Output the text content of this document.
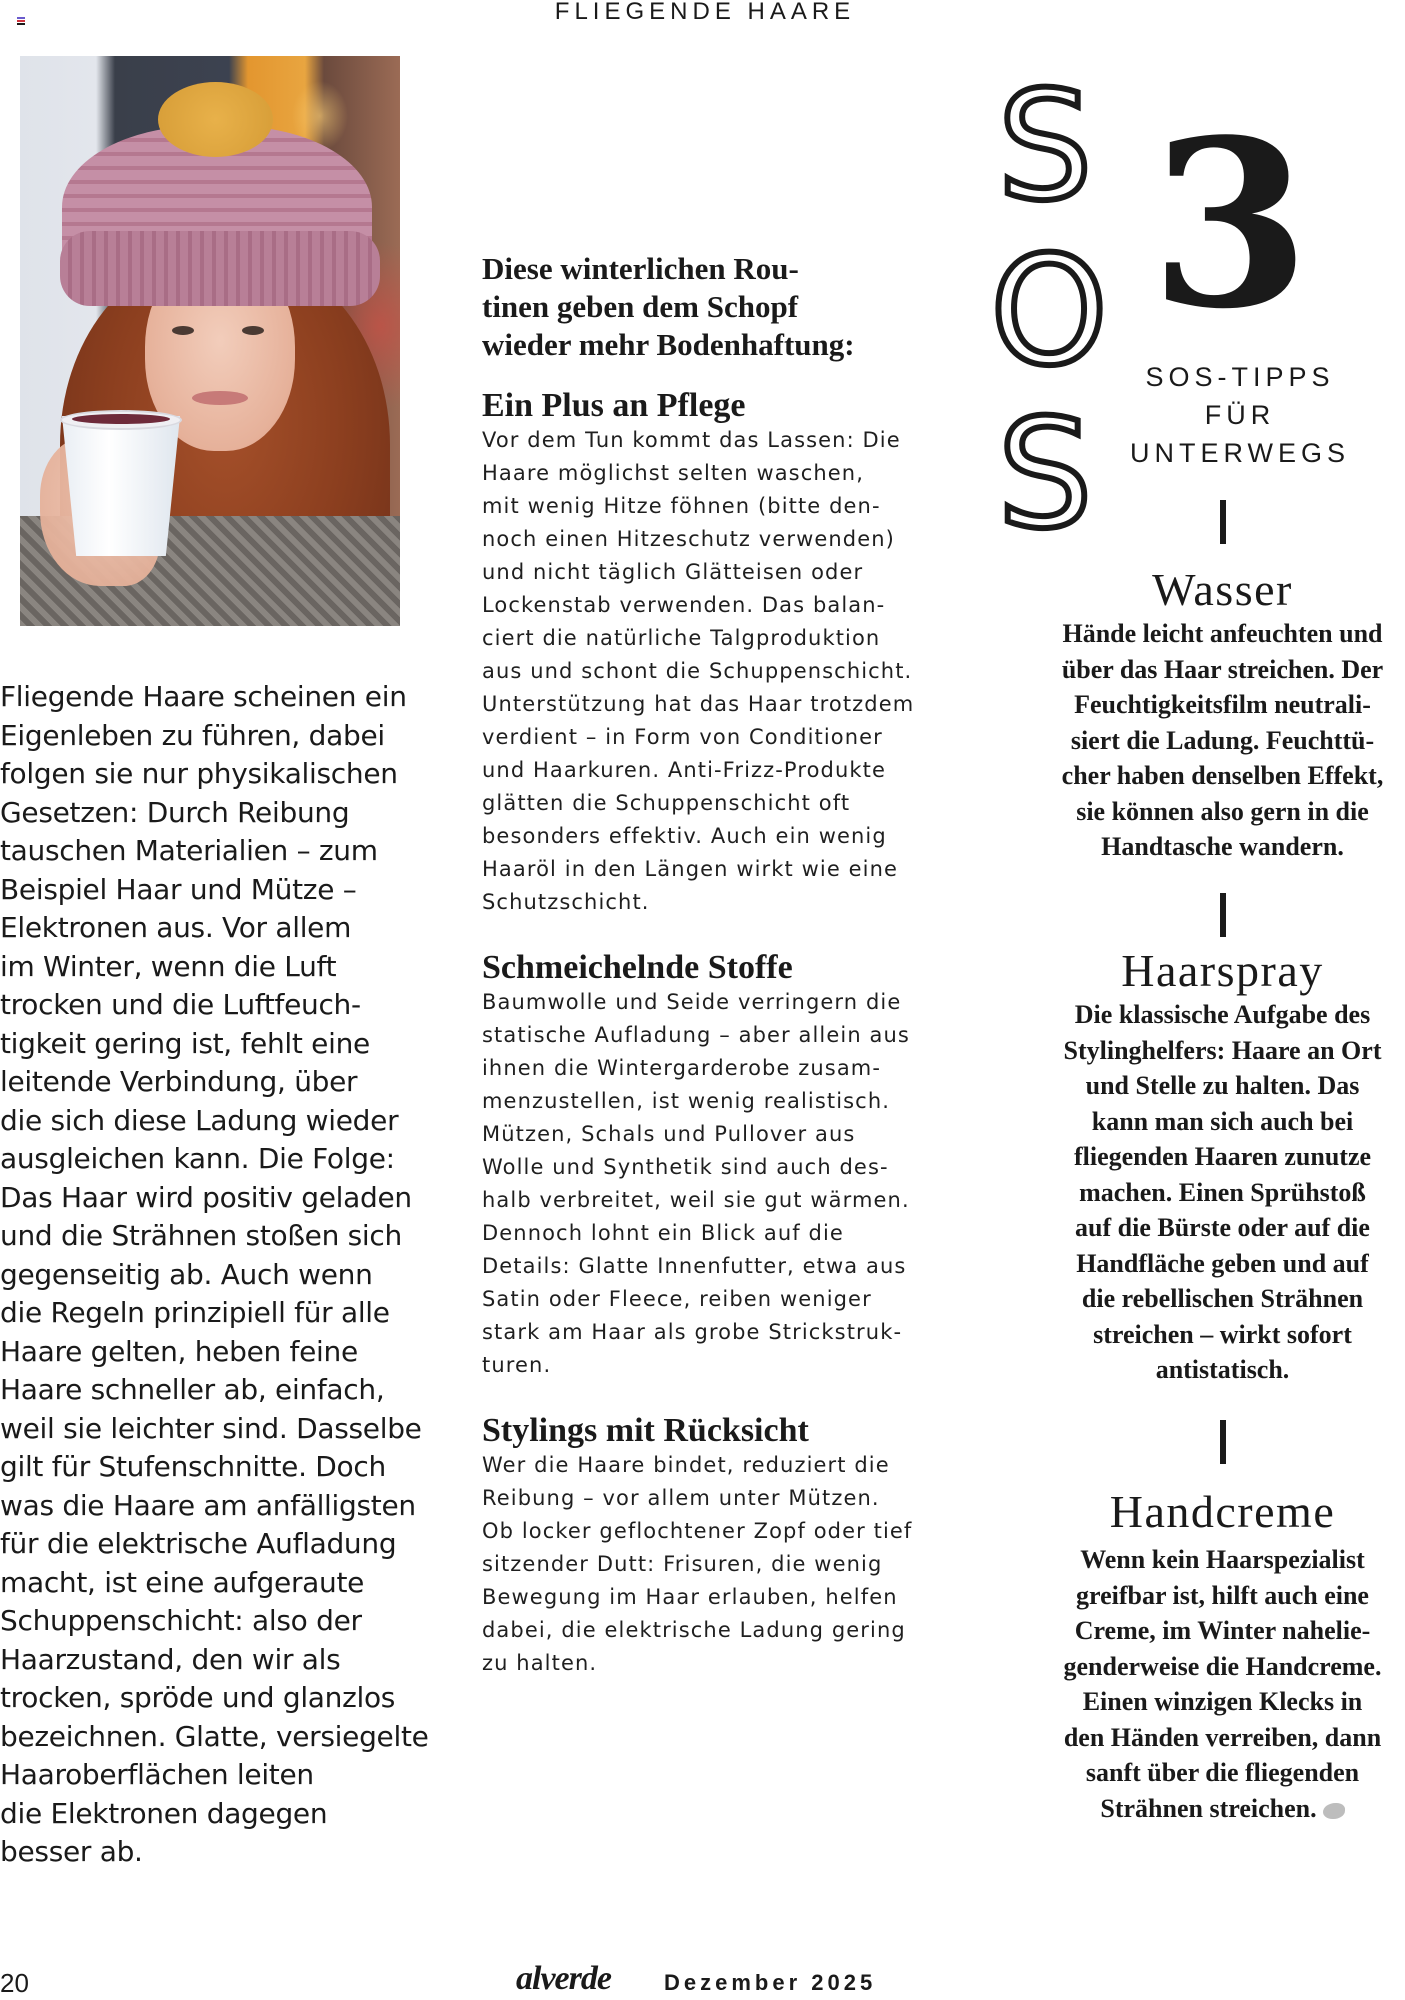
FLIEGENDE HAARE
Fliegende Haare scheinen ein
Eigenleben zu führen, dabei
folgen sie nur physikalischen
Gesetzen: Durch Reibung
tauschen Materialien – zum
Beispiel Haar und Mütze –
Elektronen aus. Vor allem
im Winter, wenn die Luft
trocken und die Luftfeuch-
tigkeit gering ist, fehlt eine
leitende Verbindung, über
die sich diese Ladung wieder
ausgleichen kann. Die Folge:
Das Haar wird positiv geladen
und die Strähnen stoßen sich
gegenseitig ab. Auch wenn
die Regeln prinzipiell für alle
Haare gelten, heben feine
Haare schneller ab, einfach,
weil sie leichter sind. Dasselbe
gilt für Stufenschnitte. Doch
was die Haare am anfälligsten
für die elektrische Aufladung
macht, ist eine aufgeraute
Schuppenschicht: also der
Haarzustand, den wir als
trocken, spröde und glanzlos
bezeichnen. Glatte, versiegelte
Haaroberflächen leiten
die Elektronen dagegen
besser ab.
Diese winterlichen Rou-
tinen geben dem Schopf
wieder mehr Bodenhaftung:
Ein Plus an Pflege
Vor dem Tun kommt das Lassen: Die
Haare möglichst selten waschen,
mit wenig Hitze föhnen (bitte den-
noch einen Hitzeschutz verwenden)
und nicht täglich Glätteisen oder
Lockenstab verwenden. Das balan-
ciert die natürliche Talgproduktion
aus und schont die Schuppenschicht.
Unterstützung hat das Haar trotzdem
verdient – in Form von Conditioner
und Haarkuren. Anti-Frizz-Produkte
glätten die Schuppenschicht oft
besonders effektiv. Auch ein wenig
Haaröl in den Längen wirkt wie eine
Schutzschicht.
Schmeichelnde Stoffe
Baumwolle und Seide verringern die
statische Aufladung – aber allein aus
ihnen die Wintergarderobe zusam-
menzustellen, ist wenig realistisch.
Mützen, Schals und Pullover aus
Wolle und Synthetik sind auch des-
halb verbreitet, weil sie gut wärmen.
Dennoch lohnt ein Blick auf die
Details: Glatte Innenfutter, etwa aus
Satin oder Fleece, reiben weniger
stark am Haar als grobe Strickstruk-
turen.
Stylings mit Rücksicht
Wer die Haare bindet, reduziert die
Reibung – vor allem unter Mützen.
Ob locker geflochtener Zopf oder tief
sitzender Dutt: Frisuren, die wenig
Bewegung im Haar erlauben, helfen
dabei, die elektrische Ladung gering
zu halten.
S
O
S
3
SOS-TIPPS
FÜR
UNTERWEGS
Wasser
Hände leicht anfeuchten und
über das Haar streichen. Der
Feuchtigkeitsfilm neutrali-
siert die Ladung. Feuchttü-
cher haben denselben Effekt,
sie können also gern in die
Handtasche wandern.
Haarspray
Die klassische Aufgabe des
Stylinghelfers: Haare an Ort
und Stelle zu halten. Das
kann man sich auch bei
fliegenden Haaren zunutze
machen. Einen Sprühstoß
auf die Bürste oder auf die
Handfläche geben und auf
die rebellischen Strähnen
streichen – wirkt sofort
antistatisch.
Handcreme
Wenn kein Haarspezialist
greifbar ist, hilft auch eine
Creme, im Winter nahelie-
genderweise die Handcreme.
Einen winzigen Klecks in
den Händen verreiben, dann
sanft über die fliegenden
Strähnen streichen.
20	alverde Dezember 2025
